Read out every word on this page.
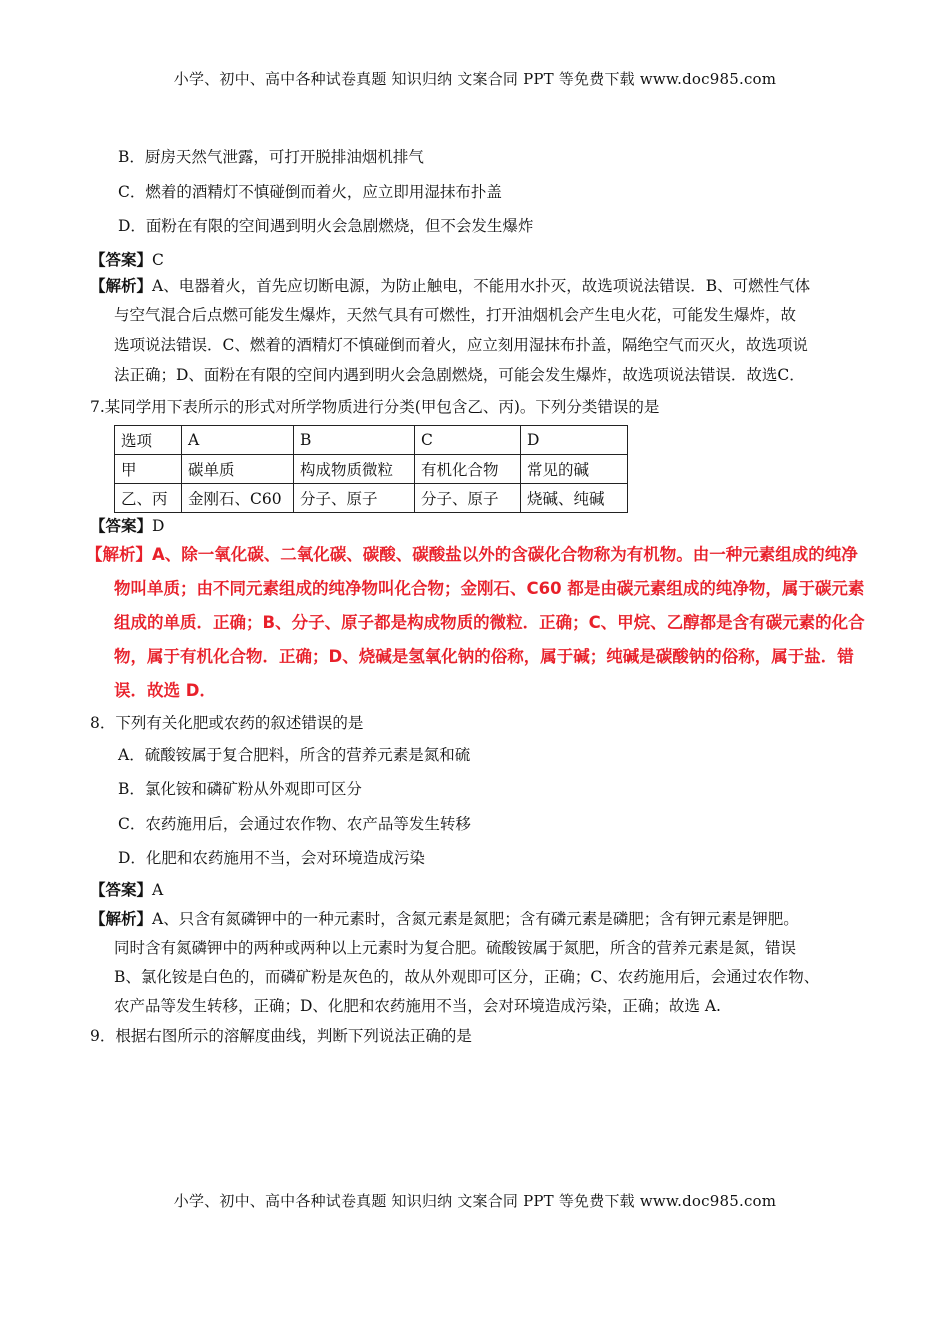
小学、初中、高中各种试卷真题 知识归纳 文案合同 PPT 等免费下载 www.doc985.com
B．厨房天然气泄露，可打开脱排油烟机排气
C．燃着的酒精灯不慎碰倒而着火，应立即用湿抹布扑盖
D．面粉在有限的空间遇到明火会急剧燃烧，但不会发生爆炸
【答案】C
【解析】A、电器着火，首先应切断电源，为防止触电，不能用水扑灭，故选项说法错误．B、可燃性气体
与空气混合后点燃可能发生爆炸，天然气具有可燃性，打开油烟机会产生电火花，可能发生爆炸，故
选项说法错误．C、燃着的酒精灯不慎碰倒而着火，应立刻用湿抹布扑盖，隔绝空气而灭火，故选项说
法正确；D、面粉在有限的空间内遇到明火会急剧燃烧，可能会发生爆炸，故选项说法错误．故选C．
7.某同学用下表所示的形式对所学物质进行分类(甲包含乙、丙)。下列分类错误的是
选项	A	B	C	D
甲	碳单质	构成物质微粒	有机化合物	常见的碱
乙、丙	金刚石、C60	分子、原子	分子、原子	烧碱、纯碱
【答案】D
【解析】A、除一氧化碳、二氧化碳、碳酸、碳酸盐以外的含碳化合物称为有机物。由一种元素组成的纯净
物叫单质；由不同元素组成的纯净物叫化合物；金刚石、C60 都是由碳元素组成的纯净物，属于碳元素
组成的单质．正确；B、分子、原子都是构成物质的微粒．正确；C、甲烷、乙醇都是含有碳元素的化合
物，属于有机化合物．正确；D、烧碱是氢氧化钠的俗称，属于碱；纯碱是碳酸钠的俗称，属于盐．错
误．故选 D．
8．下列有关化肥或农药的叙述错误的是
A．硫酸铵属于复合肥料，所含的营养元素是氮和硫
B．氯化铵和磷矿粉从外观即可区分
C．农药施用后，会通过农作物、农产品等发生转移
D．化肥和农药施用不当，会对环境造成污染
【答案】A
【解析】A、只含有氮磷钾中的一种元素时，含氮元素是氮肥；含有磷元素是磷肥；含有钾元素是钾肥。
同时含有氮磷钾中的两种或两种以上元素时为复合肥。硫酸铵属于氮肥，所含的营养元素是氮，错误
B、氯化铵是白色的，而磷矿粉是灰色的，故从外观即可区分，正确；C、农药施用后，会通过农作物、
农产品等发生转移，正确；D、化肥和农药施用不当，会对环境造成污染，正确；故选 A.
9．根据右图所示的溶解度曲线，判断下列说法正确的是
小学、初中、高中各种试卷真题 知识归纳 文案合同 PPT 等免费下载 www.doc985.com
